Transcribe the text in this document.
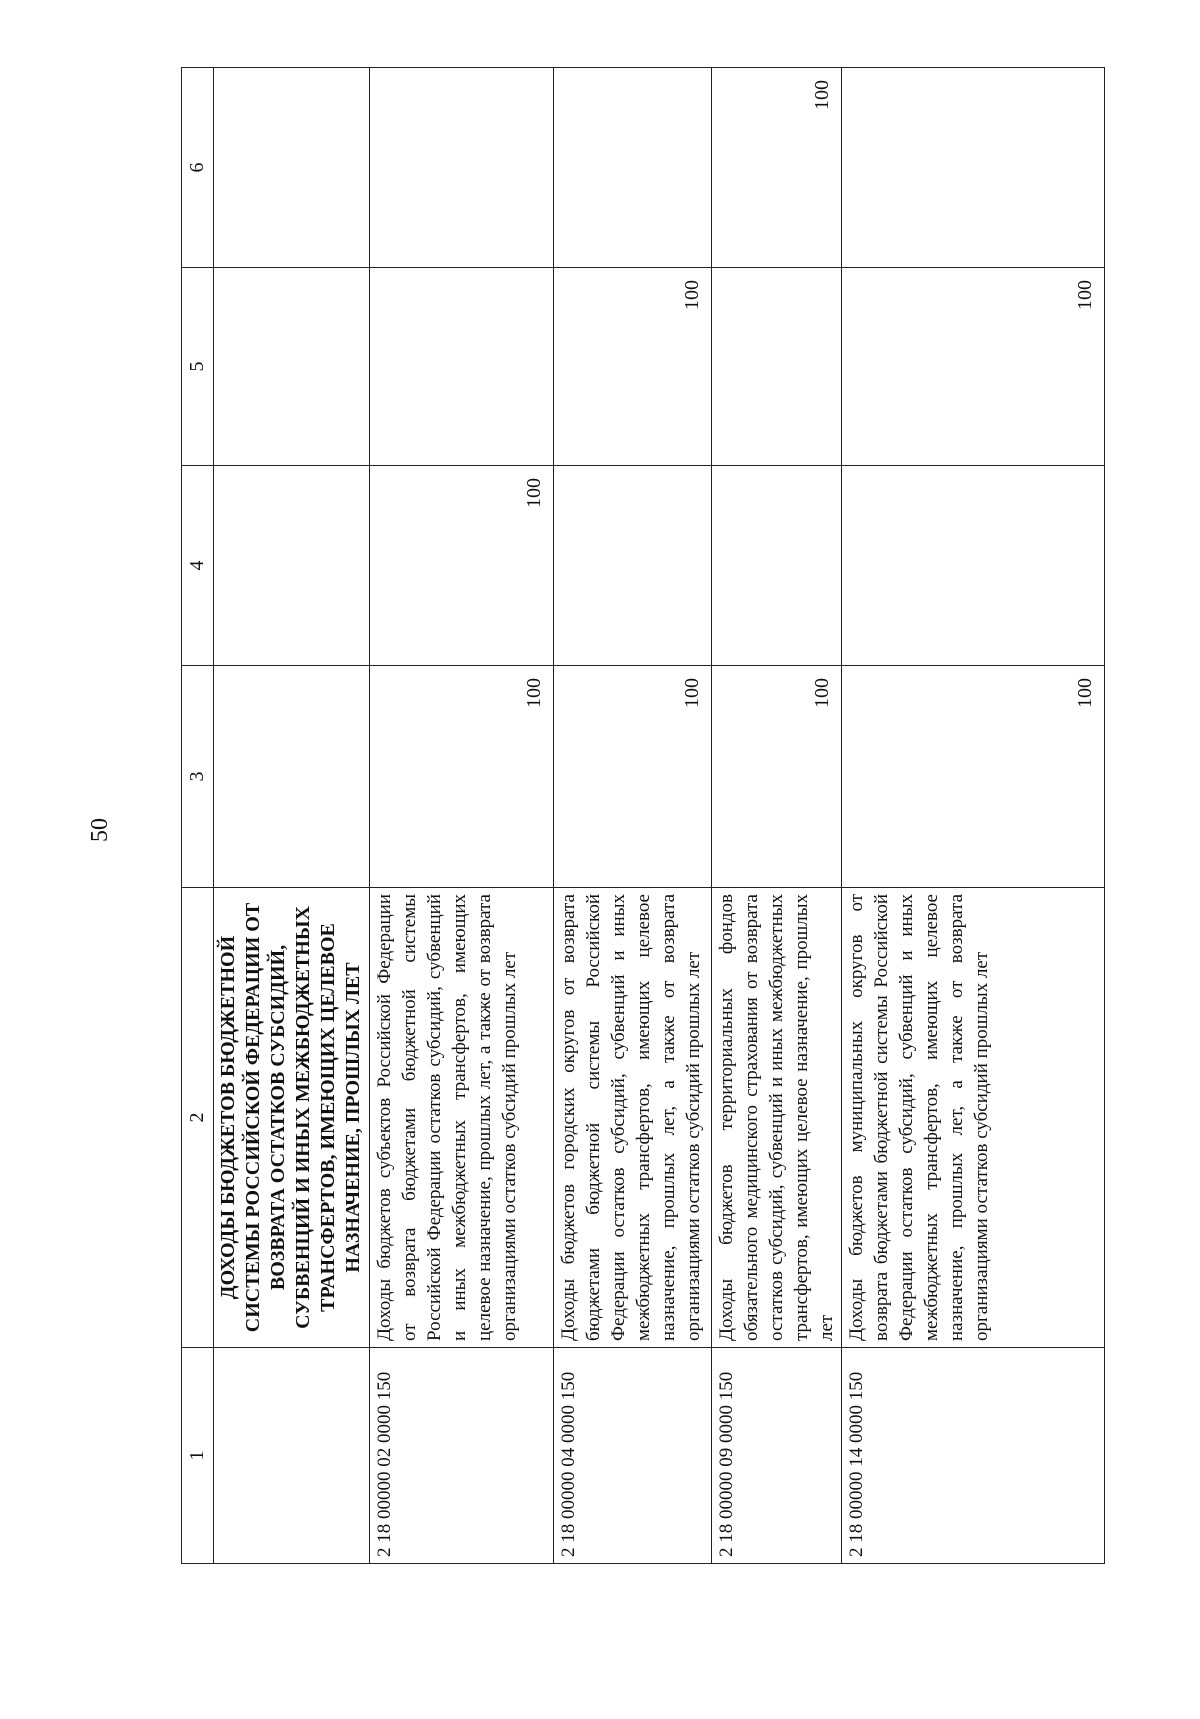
50
1	2	3	4	5	6
	ДОХОДЫ БЮДЖЕТОВ БЮДЖЕТНОЙ СИСТЕМЫ РОССИЙСКОЙ ФЕДЕРАЦИИ ОТ ВОЗВРАТА ОСТАТКОВ СУБСИДИЙ, СУБВЕНЦИЙ И ИНЫХ МЕЖБЮДЖЕТНЫХ ТРАНСФЕРТОВ, ИМЕЮЩИХ ЦЕЛЕВОЕ НАЗНАЧЕНИЕ, ПРОШЛЫХ ЛЕТ				
2 18 00000 02 0000 150	Доходы бюджетов субъектов Российской Федерации от возврата бюджетами бюджетной системы Российской Федерации остатков субсидий, субвенций и иных межбюджетных трансфертов, имеющих целевое назначение, прошлых лет, а также от возврата организациями остатков субсидий прошлых лет	100	100		
2 18 00000 04 0000 150	Доходы бюджетов городских округов от возврата бюджетами бюджетной системы Российской Федерации остатков субсидий, субвенций и иных межбюджетных трансфертов, имеющих целевое назначение, прошлых лет, а также от возврата организациями остатков субсидий прошлых лет	100		100	
2 18 00000 09 0000 150	Доходы бюджетов территориальных фондов обязательного медицинского страхования от возврата остатков субсидий, субвенций и иных межбюджетных трансфертов, имеющих целевое назначение, прошлых лет	100			100
2 18 00000 14 0000 150	Доходы бюджетов муниципальных округов от возврата бюджетами бюджетной системы Российской Федерации остатков субсидий, субвенций и иных межбюджетных трансфертов, имеющих целевое назначение, прошлых лет, а также от возврата организациями остатков субсидий прошлых лет	100		100	
